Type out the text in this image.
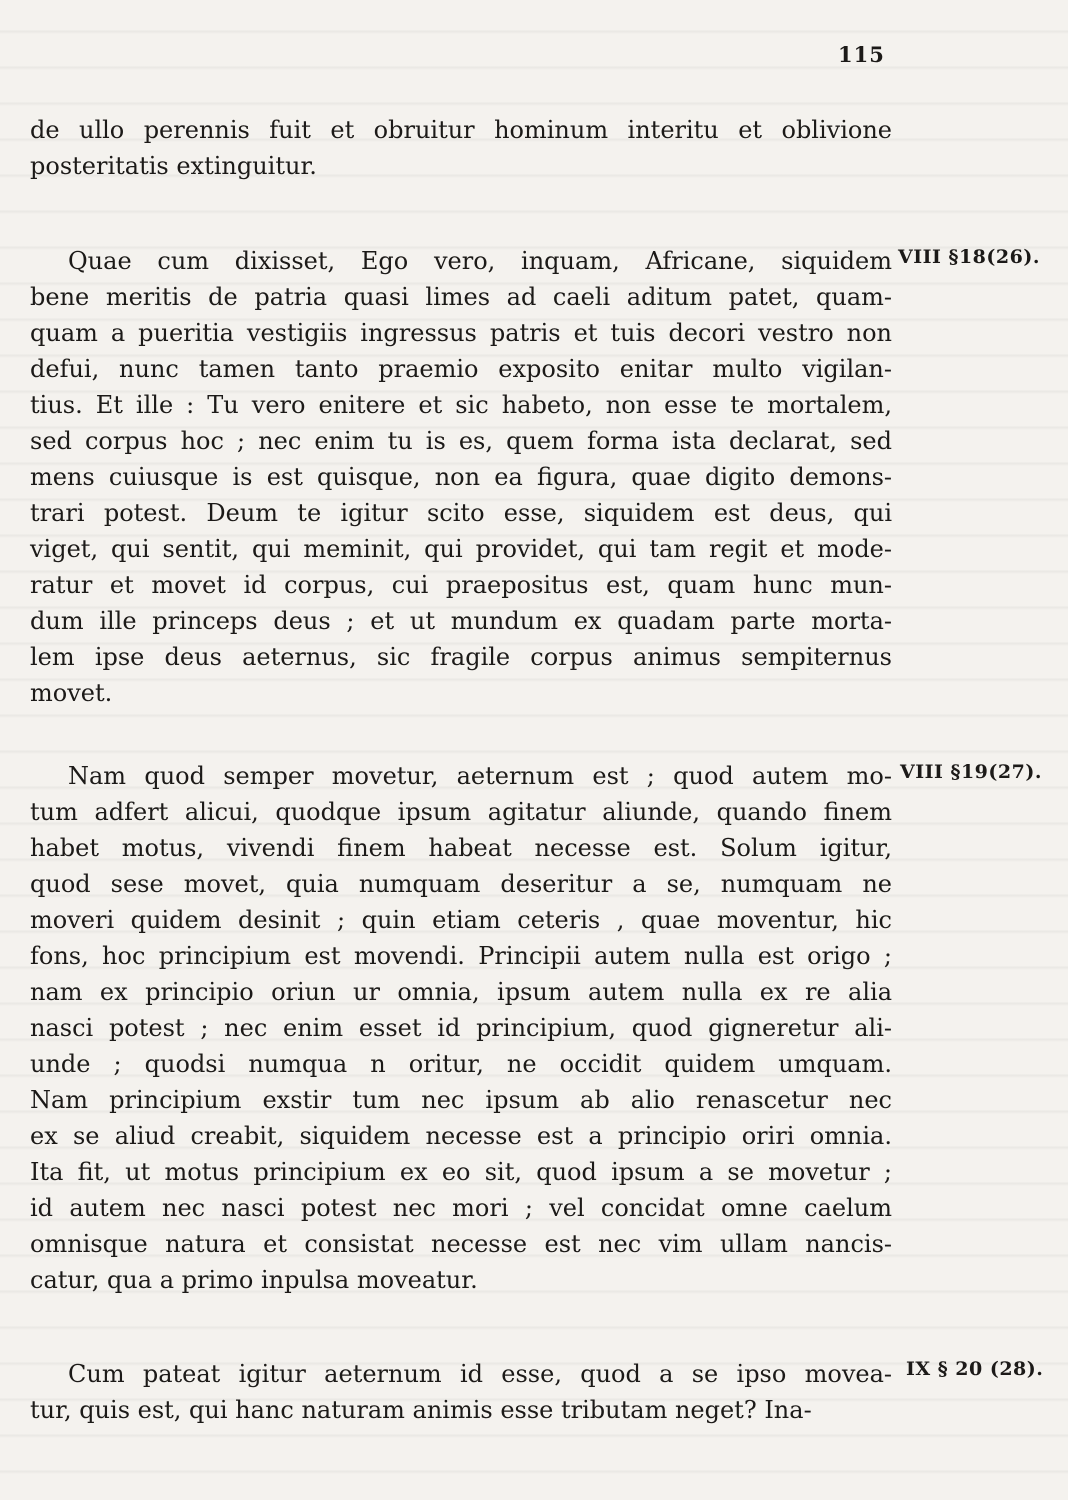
115
de ullo perennis fuit et obruitur hominum interitu et oblivione
posteritatis extinguitur.
Quae cum dixisset, Ego vero, inquam, Africane, siquidem
bene meritis de patria quasi limes ad caeli aditum patet, quam-
quam a pueritia vestigiis ingressus patris et tuis decori vestro non
defui, nunc tamen tanto praemio exposito enitar multo vigilan-
tius. Et ille : Tu vero enitere et sic habeto, non esse te mortalem,
sed corpus hoc ; nec enim tu is es, quem forma ista declarat, sed
mens cuiusque is est quisque, non ea figura, quae digito demons-
trari potest. Deum te igitur scito esse, siquidem est deus, qui
viget, qui sentit, qui meminit, qui providet, qui tam regit et mode-
ratur et movet id corpus, cui praepositus est, quam hunc mun-
dum ille princeps deus ; et ut mundum ex quadam parte morta-
lem ipse deus aeternus, sic fragile corpus animus sempiternus
movet.
VIII §18(26).
Nam quod semper movetur, aeternum est ; quod autem mo-
tum adfert alicui, quodque ipsum agitatur aliunde, quando finem
habet motus, vivendi finem habeat necesse est. Solum igitur,
quod sese movet, quia numquam deseritur a se, numquam ne
moveri quidem desinit ; quin etiam ceteris , quae moventur, hic
fons, hoc principium est movendi. Principii autem nulla est origo ;
nam ex principio oriun ur omnia, ipsum autem nulla ex re alia
nasci potest ; nec enim esset id principium, quod gigneretur ali-
unde ; quodsi numqua n oritur, ne occidit quidem umquam.
Nam principium exstir tum nec ipsum ab alio renascetur nec
ex se aliud creabit, siquidem necesse est a principio oriri omnia.
Ita fit, ut motus principium ex eo sit, quod ipsum a se movetur ;
id autem nec nasci potest nec mori ; vel concidat omne caelum
omnisque natura et consistat necesse est nec vim ullam nancis-
catur, qua a primo inpulsa moveatur.
VIII §19(27).
Cum pateat igitur aeternum id esse, quod a se ipso movea-
tur, quis est, qui hanc naturam animis esse tributam neget? Ina-
IX § 20 (28).
